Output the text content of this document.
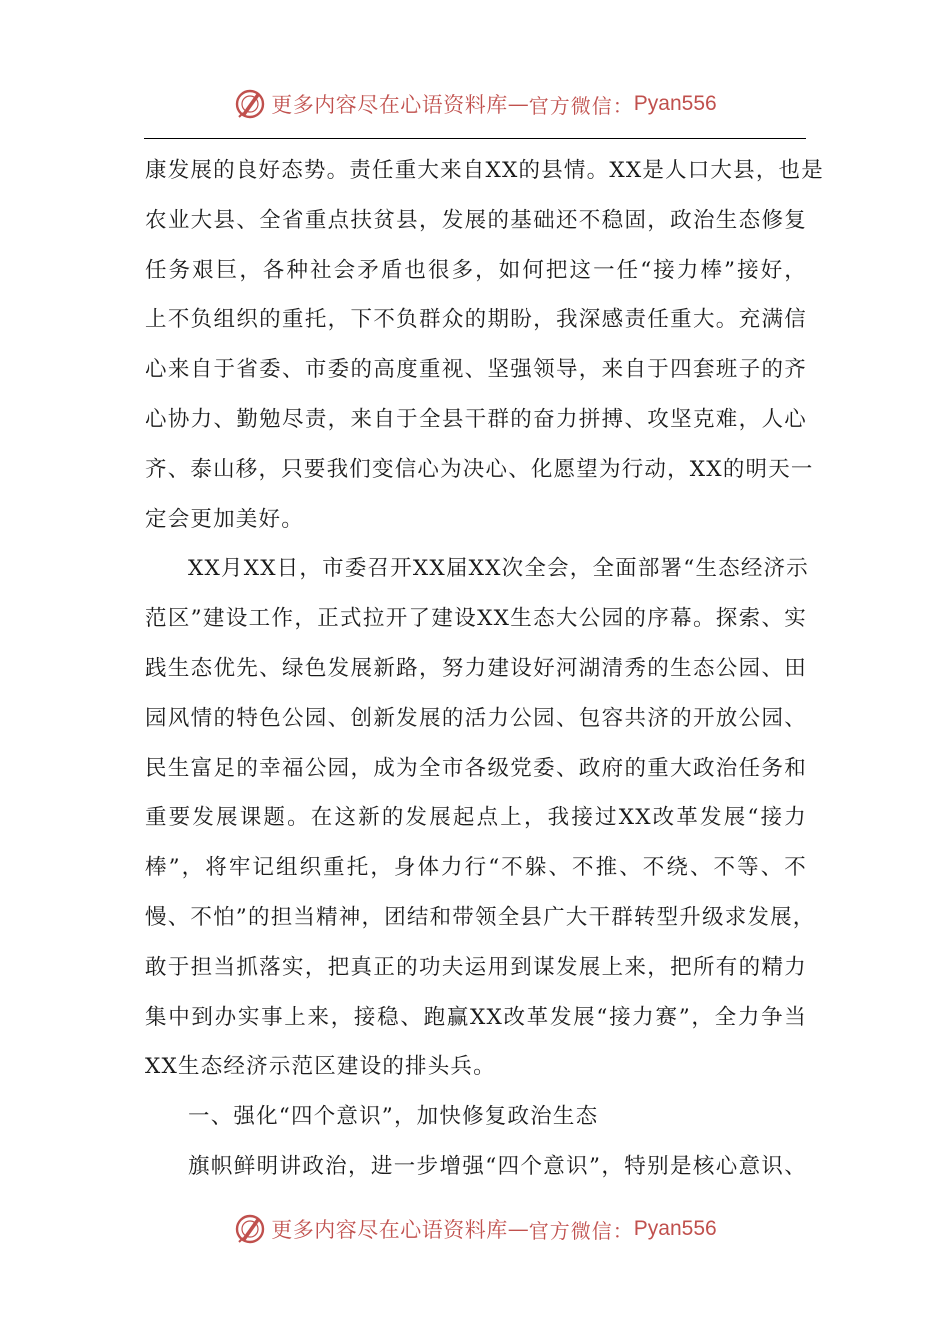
更多内容尽在心语资料库 — 官方微信： Pyan556
康发展的良好态势。责任重大来自XX的县情。XX是人口大县，也是
农业大县、全省重点扶贫县，发展的基础还不稳固，政治生态修复
任务艰巨，各种社会矛盾也很多，如何把这一任“接力棒”接好，
上不负组织的重托，下不负群众的期盼，我深感责任重大。充满信
心来自于省委、市委的高度重视、坚强领导，来自于四套班子的齐
心协力、勤勉尽责，来自于全县干群的奋力拼搏、攻坚克难，人心
齐、泰山移，只要我们变信心为决心、化愿望为行动，XX的明天一
定会更加美好。
XX月XX日，市委召开XX届XX次全会，全面部署“生态经济示
范区”建设工作，正式拉开了建设XX生态大公园的序幕。探索、实
践生态优先、绿色发展新路，努力建设好河湖清秀的生态公园、田
园风情的特色公园、创新发展的活力公园、包容共济的开放公园、
民生富足的幸福公园，成为全市各级党委、政府的重大政治任务和
重要发展课题。在这新的发展起点上，我接过XX改革发展“接力
棒”，将牢记组织重托，身体力行“不躲、不推、不绕、不等、不
慢、不怕”的担当精神，团结和带领全县广大干群转型升级求发展，
敢于担当抓落实，把真正的功夫运用到谋发展上来，把所有的精力
集中到办实事上来，接稳、跑赢XX改革发展“接力赛”，全力争当
XX生态经济示范区建设的排头兵。
一、强化“四个意识”，加快修复政治生态
旗帜鲜明讲政治，进一步增强“四个意识”，特别是核心意识、
更多内容尽在心语资料库 — 官方微信： Pyan556
